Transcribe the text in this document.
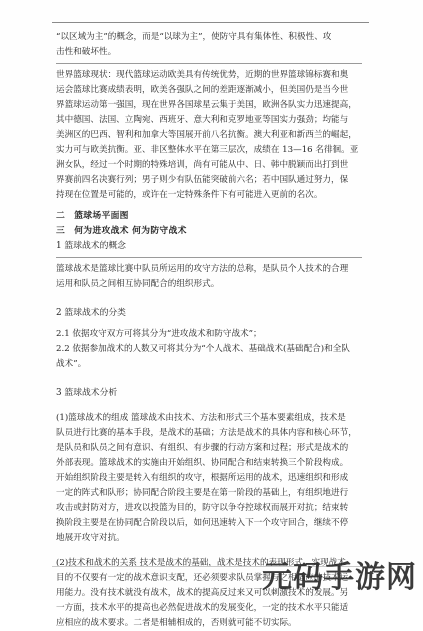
“以区域为主”的概念，而是“以球为主”，使防守具有集体性、积极性、攻
击性和破坏性。

世界篮球现状：现代篮球运动欧美具有传统优势，近期的世界篮球锦标赛和奥
运会篮球比赛成绩表明，欧美各强队之间的差距逐渐减小，但美国仍是当今世
界篮球运动第一强国，现在世界各国球星云集于美国，欧洲各队实力迅速提高，
其中德国、法国、立陶宛、西班牙、意大利和克罗地亚等国实力强劲；均能与
美洲区的巴西、智利和加拿大等国展开前八名抗衡。澳大利亚和新西兰的崛起，
实力可与欧美抗衡。亚、非区整体水平在第三层次，成绩在 13—16 名徘徊。亚
洲女队，经过一个时期的特殊培训，尚有可能从中、日、韩中脱颖而出打到世
界赛前四名决赛行列；男子则少有队伍能突破前六名；若中国队通过努力，保
持现在位置是可能的，或许在一定特殊条件下有可能进入更前的名次。

二　篮球场平面图
三　何为进攻战术 何为防守战术
1 篮球战术的概念

篮球战术是篮球比赛中队员所运用的攻守方法的总称，是队员个人技术的合理
运用和队员之间相互协同配合的组织形式。

2 篮球战术的分类

2.1 依据攻守双方可将其分为“进攻战术和防守战术”；
2.2 依据参加战术的人数又可将其分为“个人战术、基础战术(基础配合)和全队
战术”。

3 篮球战术分析

(1)篮球战术的组成 篮球战术由技术、方法和形式三个基本要素组成，技术是
队员进行比赛的基本手段，是战术的基础；方法是战术的具体内容和核心环节，
是队员和队员之间有意识、有组织、有步骤的行动方案和过程；形式是战术的
外部表现。篮球战术的实施由开始组织、协同配合和结束转换三个阶段构成。
开始组织阶段主要是转入有组织的攻守，根据所运用的战术，迅速组织和形成
一定的阵式和队形；协同配合阶段主要是在第一阶段的基础上，有组织地进行
攻击或封防对方，进攻以投篮为目的，防守以争夺控球权而展开对抗；结束转
换阶段主要是在协同配合阶段以后，如何迅速转入下一个攻守回合，继续不停
地展开攻守对抗。

(2)技术和战术的关系 技术是战术的基础，战术是技术的表现形式。实现战术
目的不仅要有一定的战术意识支配，还必须要求队员掌握与之相适应的技术运
用能力。没有技术就没有战术，战术的提高反过来又可以刺激技术的发展。另
一方面，技术水平的提高也必然促进战术的发展变化，一定的技术水平只能适
应相应的战术要求。二者是相辅相成的，否则就可能不切实际。

元码手游网
